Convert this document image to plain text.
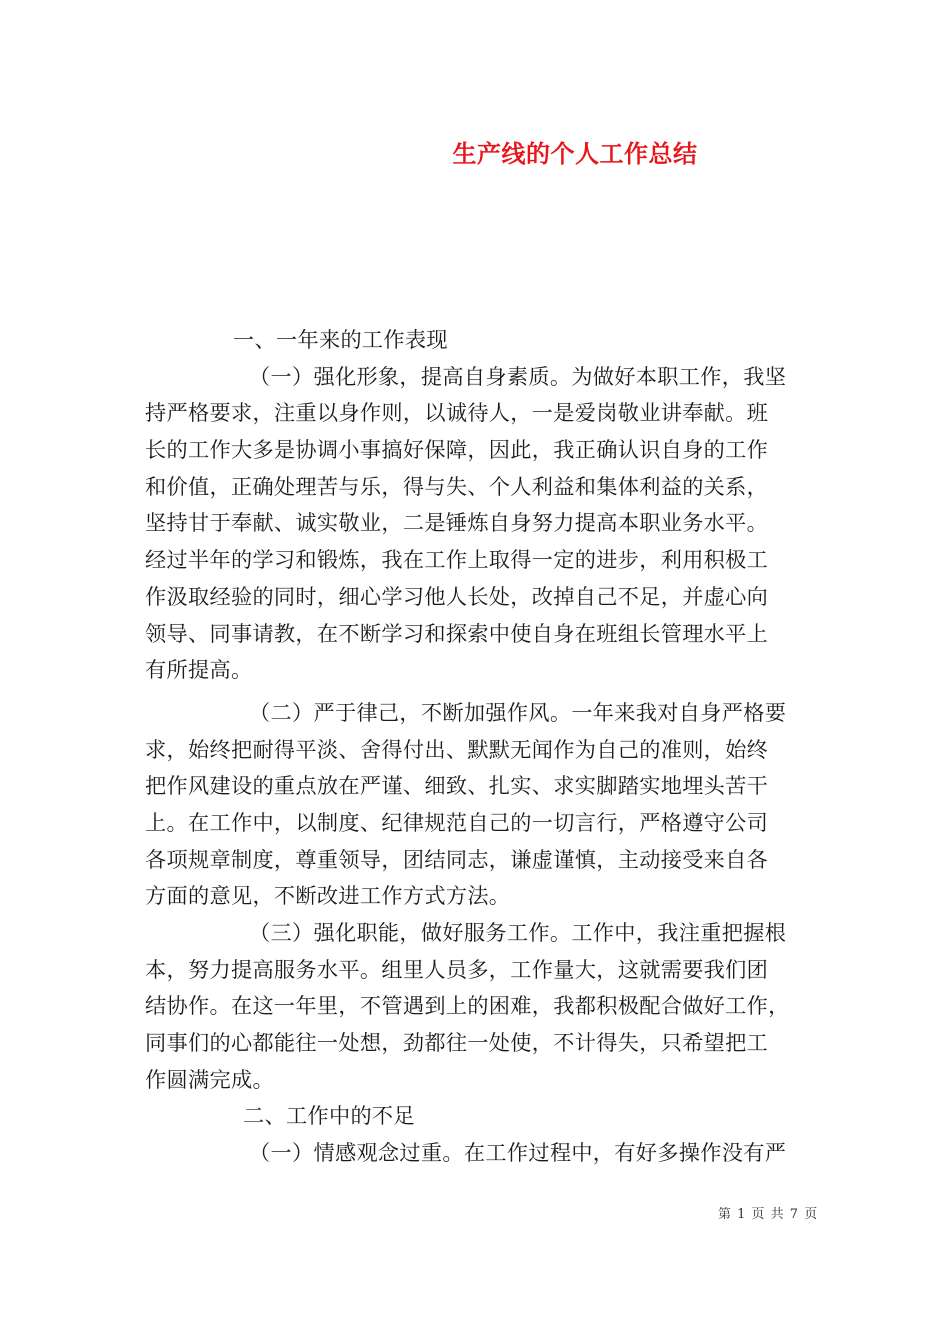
生产线的个人工作总结
一、一年来的工作表现
（一）强化形象，提高自身素质。为做好本职工作，我坚
持严格要求，注重以身作则，以诚待人，一是爱岗敬业讲奉献。班
长的工作大多是协调小事搞好保障，因此，我正确认识自身的工作
和价值，正确处理苦与乐，得与失、个人利益和集体利益的关系，
坚持甘于奉献、诚实敬业，二是锤炼自身努力提高本职业务水平。
经过半年的学习和锻炼，我在工作上取得一定的进步，利用积极工
作汲取经验的同时，细心学习他人长处，改掉自己不足，并虚心向
领导、同事请教，在不断学习和探索中使自身在班组长管理水平上
有所提高。
（二）严于律己，不断加强作风。一年来我对自身严格要
求，始终把耐得平淡、舍得付出、默默无闻作为自己的准则，始终
把作风建设的重点放在严谨、细致、扎实、求实脚踏实地埋头苦干
上。在工作中，以制度、纪律规范自己的一切言行，严格遵守公司
各项规章制度，尊重领导，团结同志，谦虚谨慎，主动接受来自各
方面的意见，不断改进工作方式方法。
（三）强化职能，做好服务工作。工作中，我注重把握根
本，努力提高服务水平。组里人员多，工作量大，这就需要我们团
结协作。在这一年里，不管遇到上的困难，我都积极配合做好工作，
同事们的心都能往一处想，劲都往一处使，不计得失，只希望把工
作圆满完成。
二、工作中的不足
（一）情感观念过重。在工作过程中，有好多操作没有严
第 1 页 共 7 页
